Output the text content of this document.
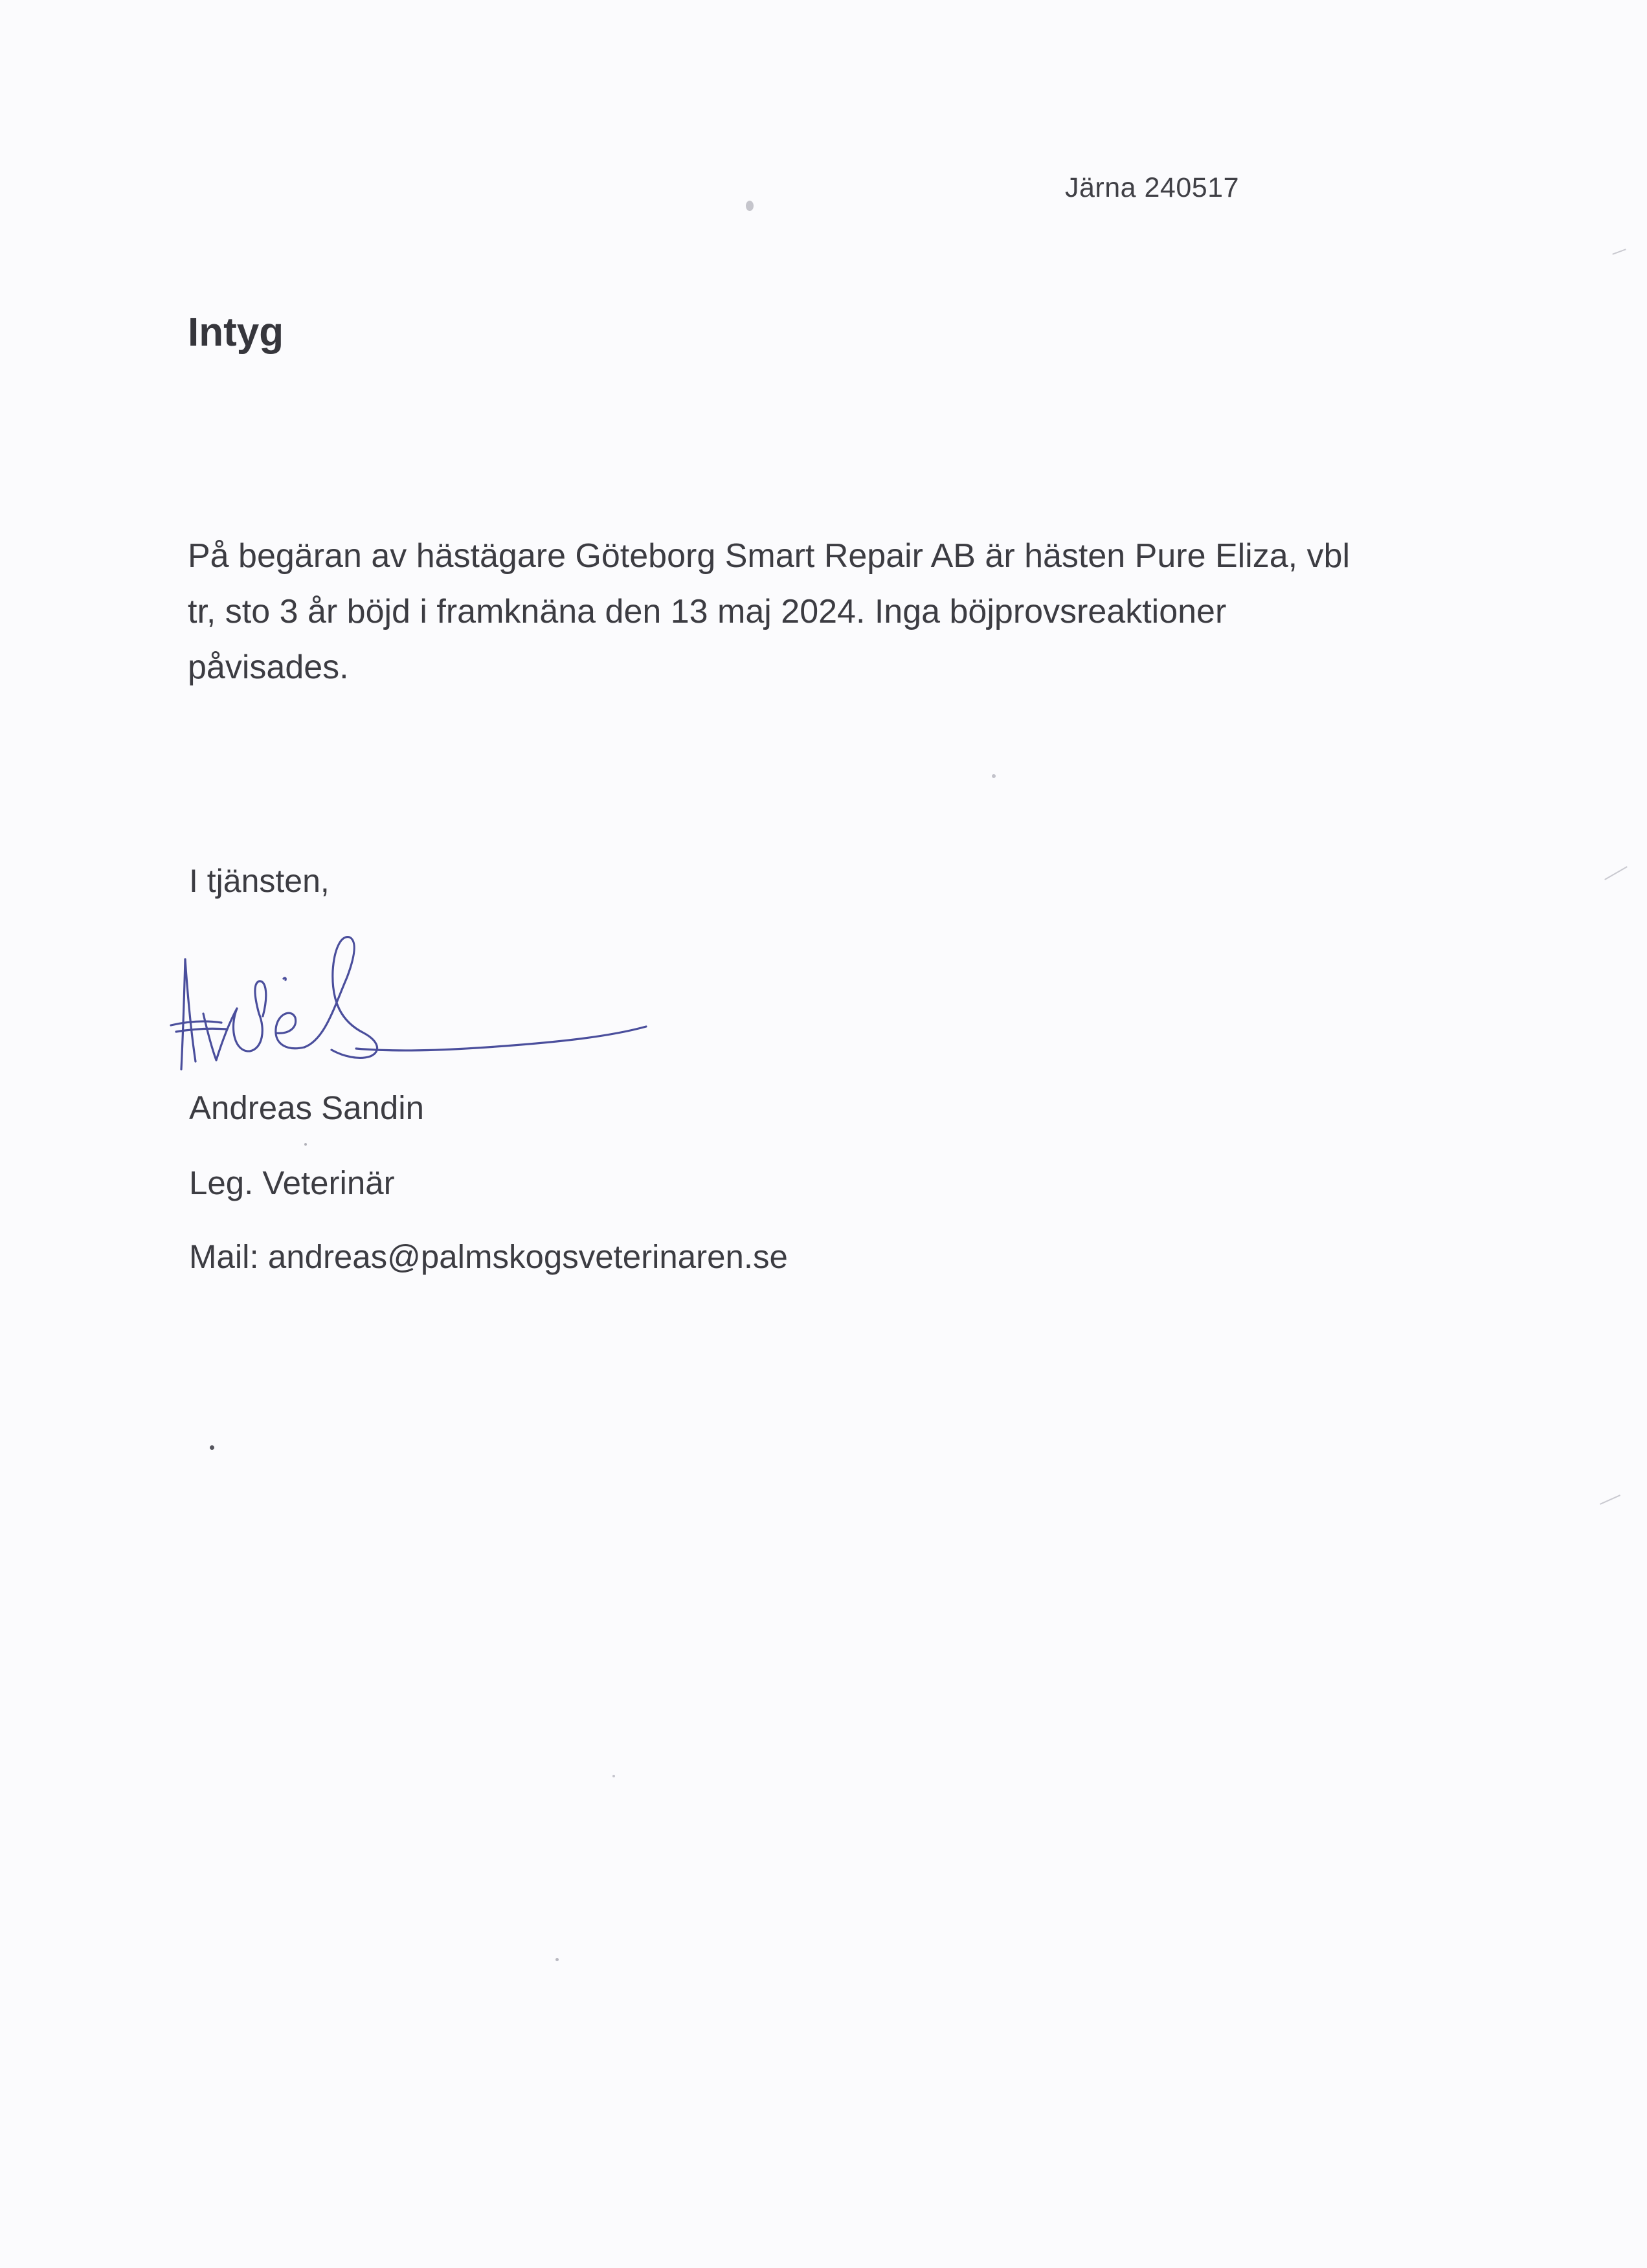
Järna 240517
Intyg
På begäran av hästägare Göteborg Smart Repair AB är hästen Pure Eliza, vbl
tr, sto 3 år böjd i framknäna den 13 maj 2024. Inga böjprovsreaktioner
påvisades.
I tjänsten,
Andreas Sandin
Leg. Veterinär
Mail: andreas@palmskogsveterinaren.se
